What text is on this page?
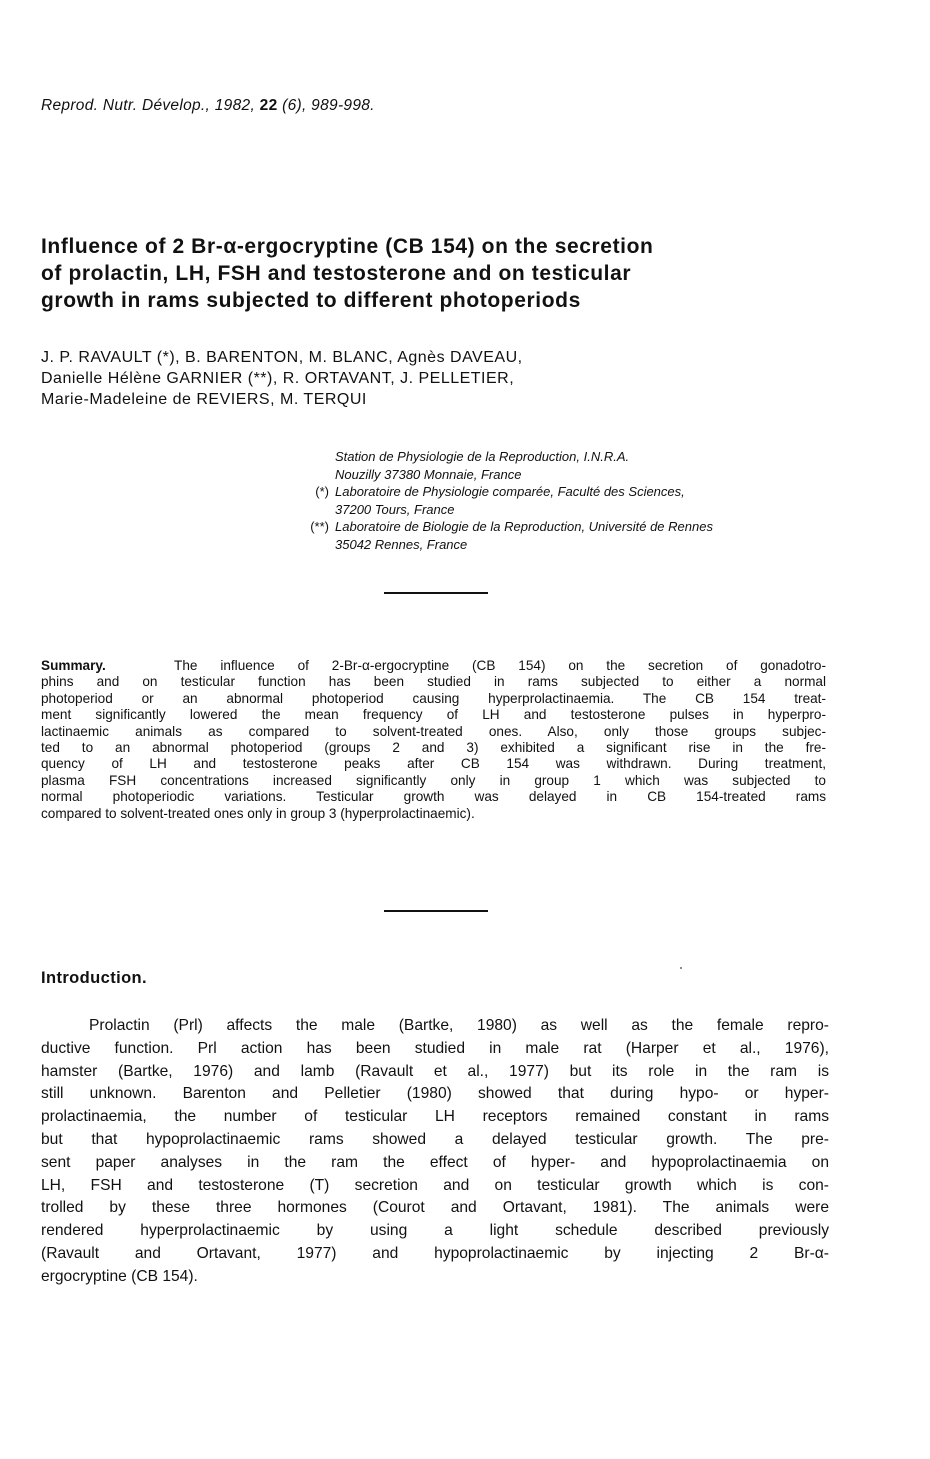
Reprod. Nutr. Dévelop., 1982, 22 (6), 989-998.
Influence of 2 Br-α-ergocryptine (CB 154) on the secretion
of prolactin, LH, FSH and testosterone and on testicular
growth in rams subjected to different photoperiods
J. P. RAVAULT (*), B. BARENTON, M. BLANC, Agnès DAVEAU,
Danielle Hélène GARNIER (**), R. ORTAVANT, J. PELLETIER,
Marie-Madeleine de REVIERS, M. TERQUI
Station de Physiologie de la Reproduction, I.N.R.A.
Nouzilly 37380 Monnaie, France
(*) Laboratoire de Physiologie comparée, Faculté des Sciences,
37200 Tours, France
(**) Laboratoire de Biologie de la Reproduction, Université de Rennes
35042 Rennes, France
Summary.	The influence of 2-Br-α-ergocryptine (CB 154) on the secretion of gonadotro-
phins and on testicular function has been studied in rams subjected to either a normal
photoperiod or an abnormal photoperiod causing hyperprolactinaemia. The CB 154 treat-
ment significantly lowered the mean frequency of LH and testosterone pulses in hyperpro-
lactinaemic animals as compared to solvent-treated ones. Also, only those groups subjec-
ted to an abnormal photoperiod (groups 2 and 3) exhibited a significant rise in the fre-
quency of LH and testosterone peaks after CB 154 was withdrawn. During treatment,
plasma FSH concentrations increased significantly only in group 1 which was subjected to
normal photoperiodic variations. Testicular growth was delayed in CB 154-treated rams
compared to solvent-treated ones only in group 3 (hyperprolactinaemic).
Introduction.
Prolactin (Prl) affects the male (Bartke, 1980) as well as the female repro-
ductive function. Prl action has been studied in male rat (Harper et al., 1976),
hamster (Bartke, 1976) and lamb (Ravault et al., 1977) but its role in the ram is
still unknown. Barenton and Pelletier (1980) showed that during hypo- or hyper-
prolactinaemia, the number of testicular LH receptors remained constant in rams
but that hypoprolactinaemic rams showed a delayed testicular growth. The pre-
sent paper analyses in the ram the effect of hyper- and hypoprolactinaemia on
LH, FSH and testosterone (T) secretion and on testicular growth which is con-
trolled by these three hormones (Courot and Ortavant, 1981). The animals were
rendered hyperprolactinaemic by using a light schedule described previously
(Ravault and Ortavant, 1977) and hypoprolactinaemic by injecting 2 Br-α-
ergocryptine (CB 154).
